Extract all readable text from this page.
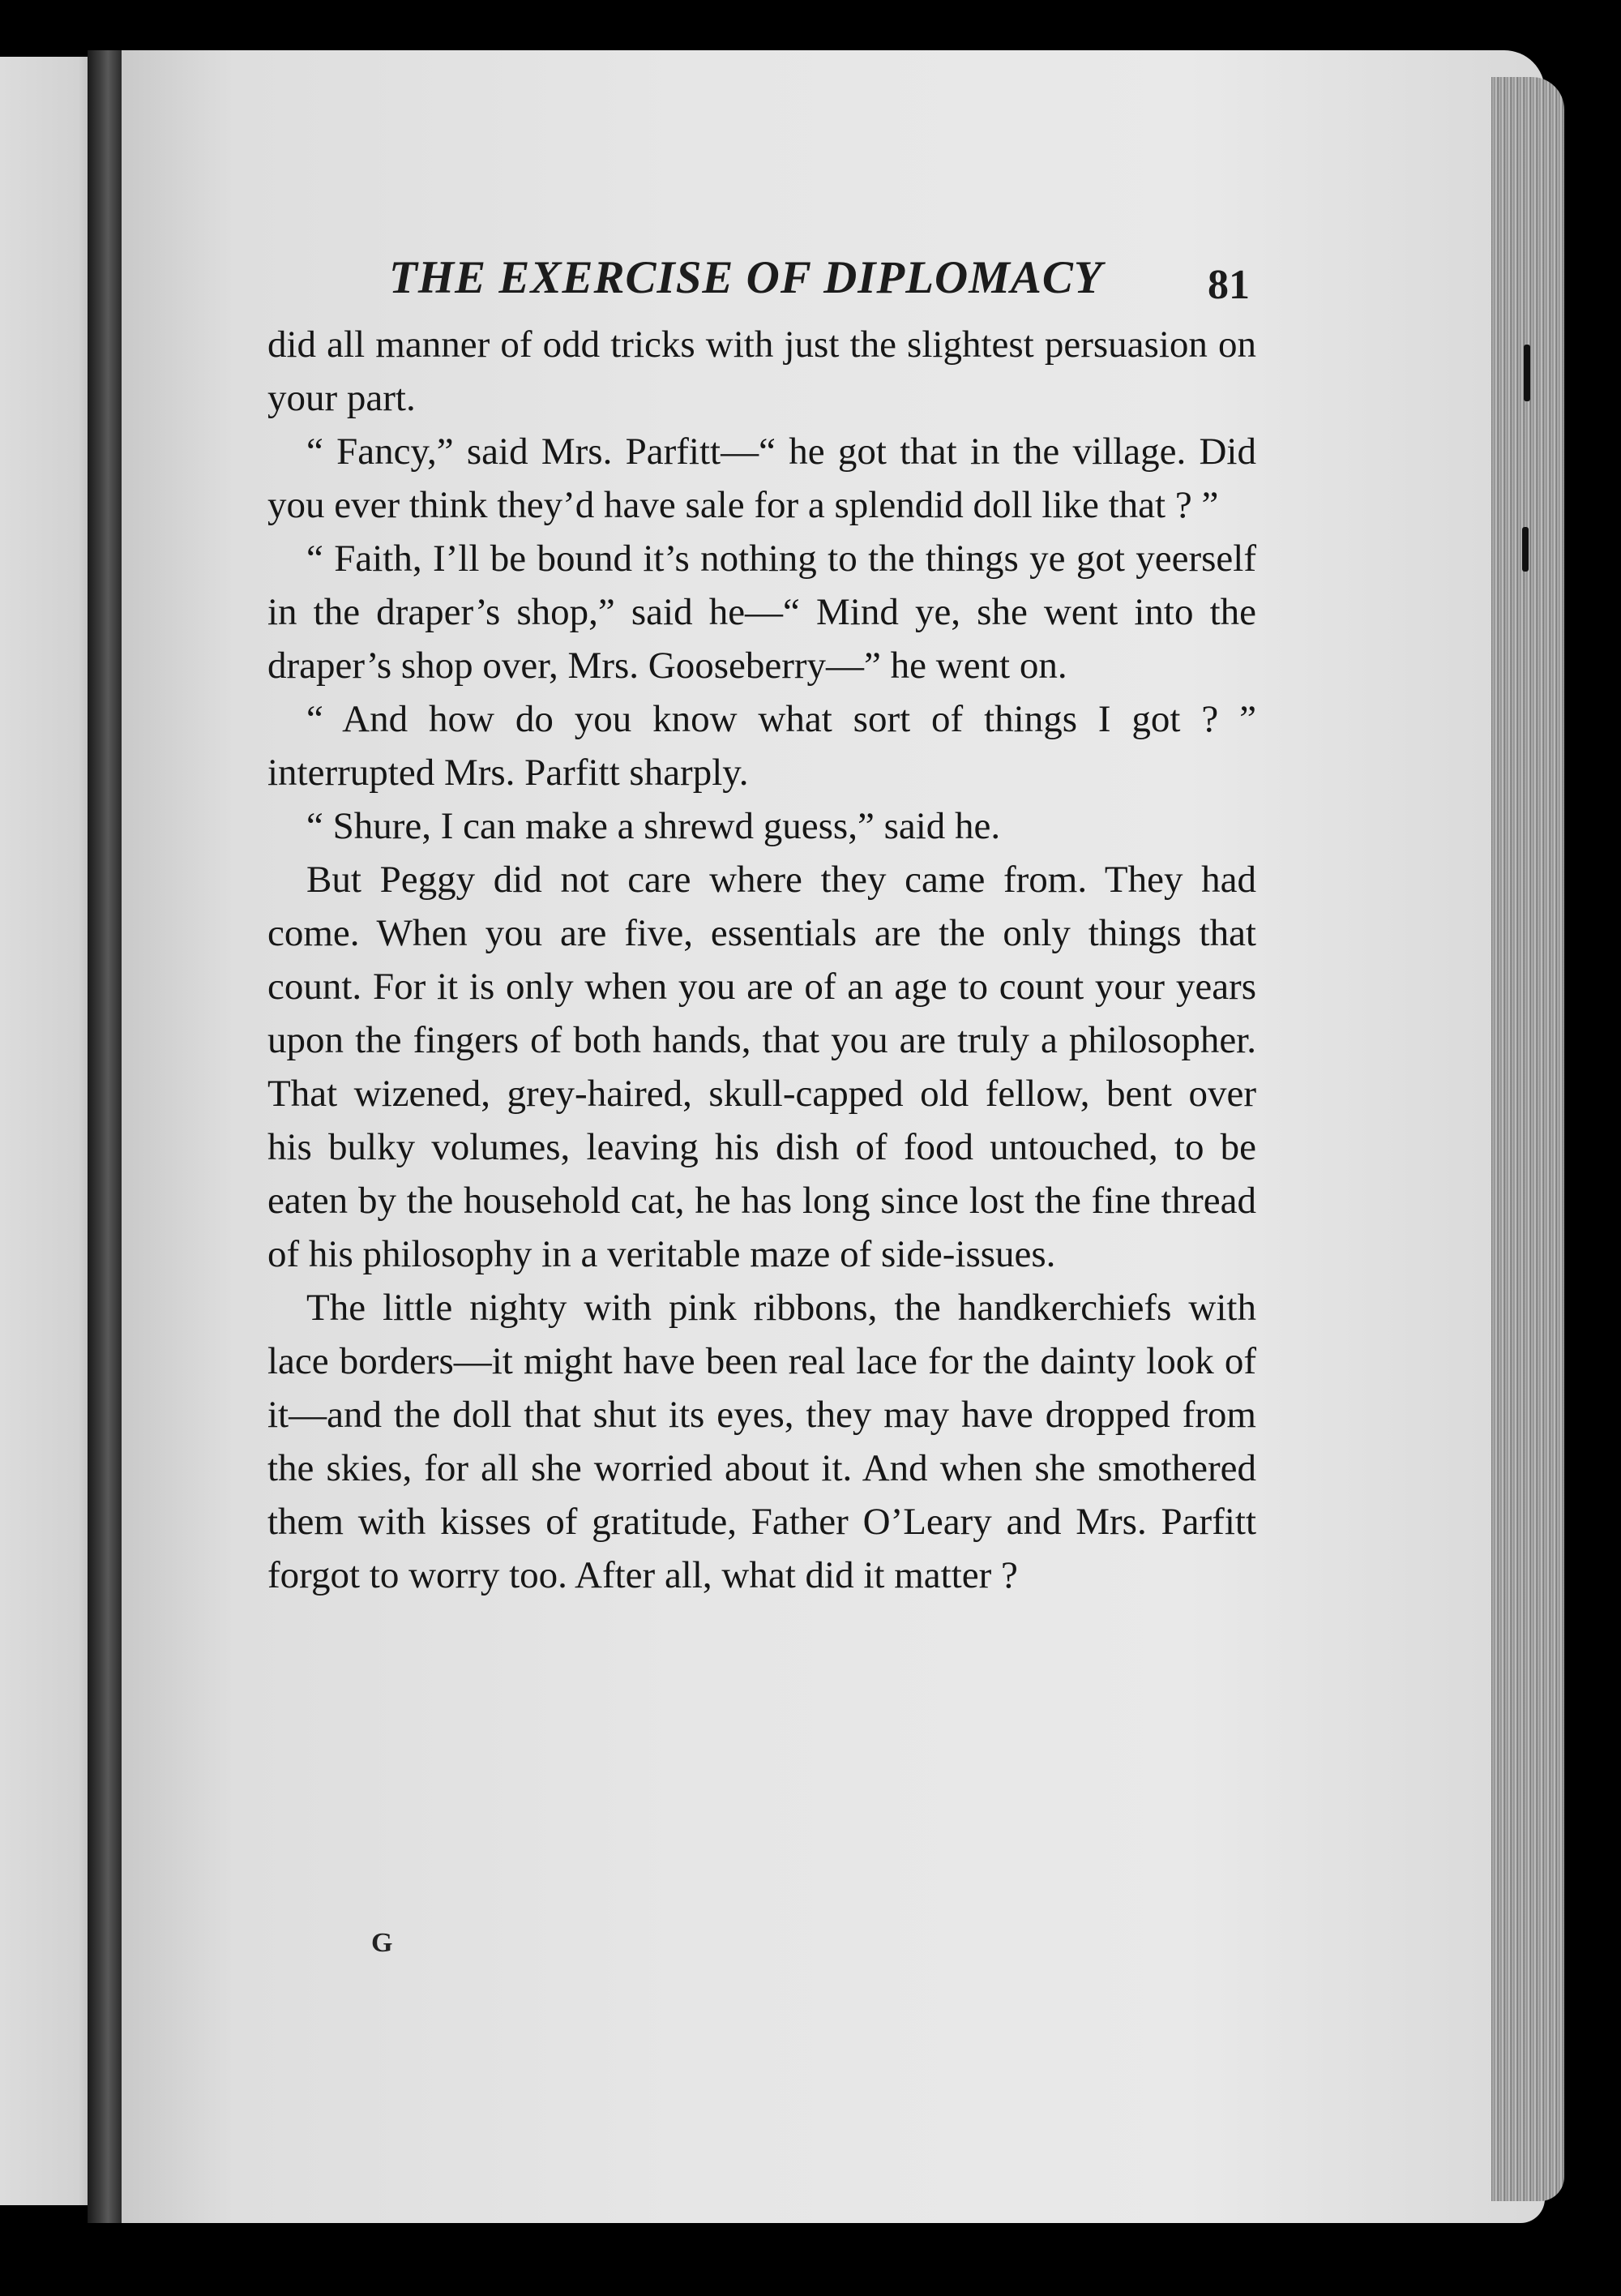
THE EXERCISE OF DIPLOMACY	81

did all manner of odd tricks with just the slightest persuasion on your part.

“ Fancy,” said Mrs. Parfitt—“ he got that in the village. Did you ever think they’d have sale for a splendid doll like that ? ”

“ Faith, I’ll be bound it’s nothing to the things ye got yeerself in the draper’s shop,” said he—“ Mind ye, she went into the draper’s shop over, Mrs. Gooseberry—” he went on.

“ And how do you know what sort of things I got ? ” interrupted Mrs. Parfitt sharply.

“ Shure, I can make a shrewd guess,” said he.

But Peggy did not care where they came from. They had come. When you are five, essentials are the only things that count. For it is only when you are of an age to count your years upon the fingers of both hands, that you are truly a philosopher. That wizened, grey-haired, skull-capped old fellow, bent over his bulky volumes, leaving his dish of food untouched, to be eaten by the household cat, he has long since lost the fine thread of his philosophy in a veritable maze of side-issues.

The little nighty with pink ribbons, the handkerchiefs with lace borders—it might have been real lace for the dainty look of it—and the doll that shut its eyes, they may have dropped from the skies, for all she worried about it. And when she smothered them with kisses of gratitude, Father O’Leary and Mrs. Parfitt forgot to worry too. After all, what did it matter ?

G
